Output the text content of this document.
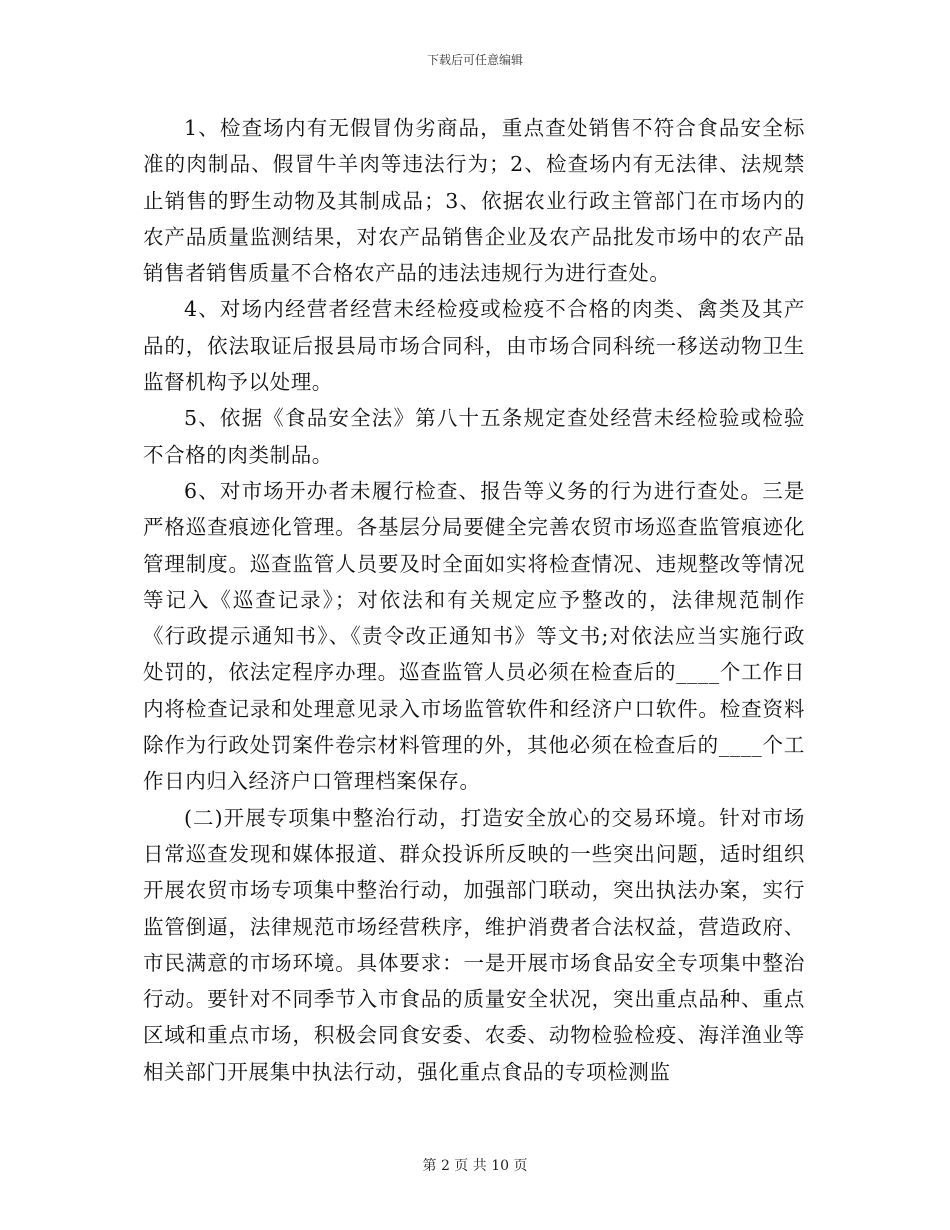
下载后可任意编辑

1、检查场内有无假冒伪劣商品，重点查处销售不符合食品安全标准的肉制品、假冒牛羊肉等违法行为；2、检查场内有无法律、法规禁止销售的野生动物及其制成品；3、依据农业行政主管部门在市场内的农产品质量监测结果，对农产品销售企业及农产品批发市场中的农产品销售者销售质量不合格农产品的违法违规行为进行查处。

4、对场内经营者经营未经检疫或检疫不合格的肉类、禽类及其产品的，依法取证后报县局市场合同科，由市场合同科统一移送动物卫生监督机构予以处理。

5、依据《食品安全法》第八十五条规定查处经营未经检验或检验不合格的肉类制品。

6、对市场开办者未履行检查、报告等义务的行为进行查处。三是严格巡查痕迹化管理。各基层分局要健全完善农贸市场巡查监管痕迹化管理制度。巡查监管人员要及时全面如实将检查情况、违规整改等情况等记入《巡查记录》；对依法和有关规定应予整改的，法律规范制作《行政提示通知书》、《责令改正通知书》等文书;对依法应当实施行政处罚的，依法定程序办理。巡查监管人员必须在检查后的____个工作日内将检查记录和处理意见录入市场监管软件和经济户口软件。检查资料除作为行政处罚案件卷宗材料管理的外，其他必须在检查后的____个工作日内归入经济户口管理档案保存。

(二)开展专项集中整治行动，打造安全放心的交易环境。针对市场日常巡查发现和媒体报道、群众投诉所反映的一些突出问题，适时组织开展农贸市场专项集中整治行动，加强部门联动，突出执法办案，实行监管倒逼，法律规范市场经营秩序，维护消费者合法权益，营造政府、市民满意的市场环境。具体要求：一是开展市场食品安全专项集中整治行动。要针对不同季节入市食品的质量安全状况，突出重点品种、重点区域和重点市场，积极会同食安委、农委、动物检验检疫、海洋渔业等相关部门开展集中执法行动，强化重点食品的专项检测监

第 2 页 共 10 页
